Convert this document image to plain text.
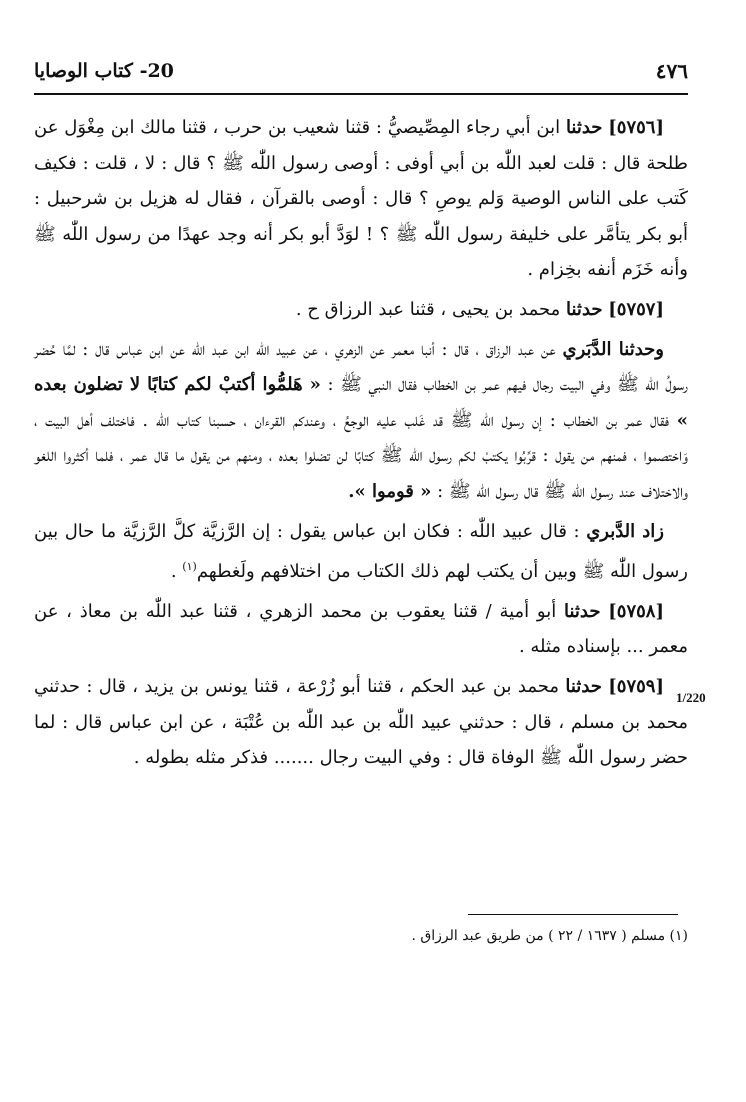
20- كتاب الوصايا	٤٧٦
1/220

[٥٧٥٦] حدثنا ابن أبي رجاء المِصِّيصيُّ : قثنا شعيب بن حرب ، قثنا مالك ابن مِغْوَل عن طلحة قال : قلت لعبد اللّٰه بن أبي أوفى : أوصى رسول اللّٰه ﷺ ؟ قال : لا ، قلت : فكيف كَتب على الناس الوصية وَلم يوصِ ؟ قال : أوصى بالقرآن ، فقال له هزيل بن شرحبيل : أبو بكر يتأمَّر على خليفة رسول اللّٰه ﷺ ؟ ! لوَدَّ أبو بكر أنه وجد عهدًا من رسول اللّٰه ﷺ وأنه خَزَم أنفه بخِزام .

[٥٧٥٧] حدثنا محمد بن يحيى ، قثنا عبد الرزاق ح .

وحدثنا الدَّبَري عن عبد الرزاق ، قال : أنبا معمر عن الزهري ، عن عبيد اللّٰه ابن عبد اللّٰه عن ابن عباس قال : لمَّا حُضر رسولُ اللّٰه ﷺ وفي البيت رجال فيهم عمر بن الخطاب فقال النبي ﷺ : « هَلمُّوا أكتبْ لكم كتابًا لا تضلون بعده » فقال عمر بن الخطاب : إن رسول اللّٰه ﷺ قد غَلب عليه الوجعُ ، وعندكم القرءان ، حسبنا كتاب اللّٰه . فاختلف أهل البيت ، وَاختصموا ، فمنهم من يقول : قرِّبُوا يكتبْ لكم رسول اللّٰه ﷺ كتابًا لن تضلوا بعده ، ومنهم من يقول ما قال عمر ، فلما أكثروا اللغو والاختلاف عند رسول اللّٰه ﷺ قال رسول اللّٰه ﷺ : « قوموا ».

زاد الدَّبري : قال عبيد اللّٰه : فكان ابن عباس يقول : إن الرَّزيَّة كلَّ الرَّزيَّة ما حال بين رسول اللّٰه ﷺ وبين أن يكتب لهم ذلك الكتاب من اختلافهم ولَغطهم$^{(١)}$ .

[٥٧٥٨] حدثنا أبو أمية / قثنا يعقوب بن محمد الزهري ، قثنا عبد اللّٰه بن معاذ ، عن معمر ... بإسناده مثله .

[٥٧٥٩] حدثنا محمد بن عبد الحكم ، قثنا أبو زُرْعة ، قثنا يونس بن يزيد ، قال : حدثني محمد بن مسلم ، قال : حدثني عبيد اللّٰه بن عبد اللّٰه بن عُتْبَة ، عن ابن عباس قال : لما حضر رسول اللّٰه ﷺ الوفاة قال : وفي البيت رجال ....... فذكر مثله بطوله .

(١) مسلم ( ١٦٣٧ / ٢٢ ) من طريق عبد الرزاق .
